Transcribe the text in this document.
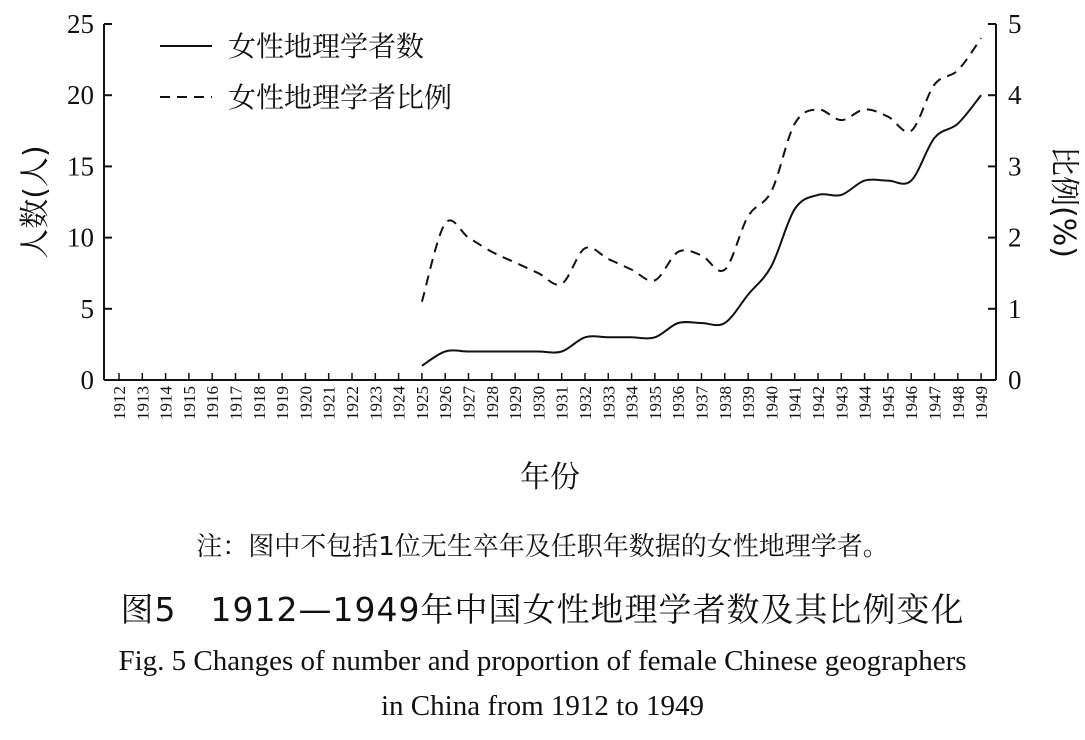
0
5
10
15
20
25
0
1
2
3
4
5
1912 1913 1914 1915 1916 1917 1918 1919 1920 1921 1922 1923 1924 1925 1926 1927 1928 1929 1930 1931 1932 1933 1934 1935 1936 1937 1938 1939 1940 1941 1942 1943 1944 1945 1946 1947 1948 1949
人数(人)	比例(%)
年份
女性地理学者数
女性地理学者比例
注：图中不包括1位无生卒年及任职年数据的女性地理学者。
图5　1912—1949年中国女性地理学者数及其比例变化
Fig. 5 Changes of number and proportion of female Chinese geographers
in China from 1912 to 1949
